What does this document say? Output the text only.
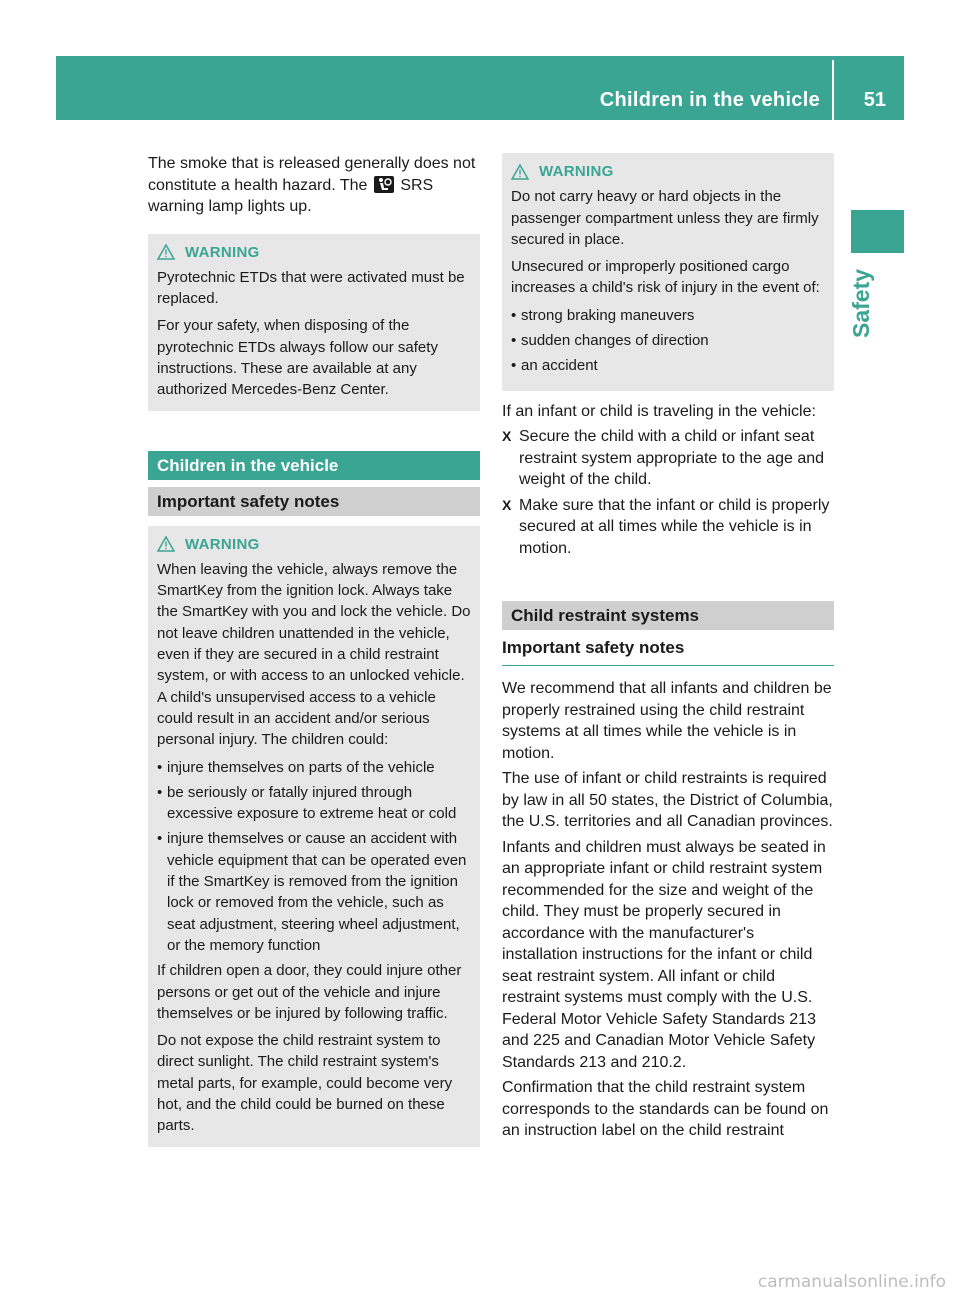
Children in the vehicle 51
Safety

The smoke that is released generally does not

constitute a health hazard. The SRS

warning lamp lights up.

WARNING

Pyrotechnic ETDs that were activated must be replaced.

For your safety, when disposing of the pyrotechnic ETDs always follow our safety instructions. These are available at any authorized Mercedes-Benz Center.

Children in the vehicle
Important safety notes
WARNING

When leaving the vehicle, always remove the SmartKey from the ignition lock. Always take the SmartKey with you and lock the vehicle. Do not leave children unattended in the vehicle, even if they are secured in a child restraint system, or with access to an unlocked vehicle. A child's unsupervised access to a vehicle could result in an accident and/or serious personal injury. The children could:

• injure themselves on parts of the vehicle
• be seriously or fatally injured through excessive exposure to extreme heat or cold
• injure themselves or cause an accident with vehicle equipment that can be operated even if the SmartKey is removed from the ignition lock or removed from the vehicle, such as seat adjustment, steering wheel adjustment, or the memory function

If children open a door, they could injure other persons or get out of the vehicle and injure themselves or be injured by following traffic.

Do not expose the child restraint system to direct sunlight. The child restraint system's metal parts, for example, could become very hot, and the child could be burned on these parts.

WARNING

Do not carry heavy or hard objects in the passenger compartment unless they are firmly secured in place.

Unsecured or improperly positioned cargo increases a child's risk of injury in the event of:

• strong braking maneuvers
• sudden changes of direction
• an accident

If an infant or child is traveling in the vehicle:

X Secure the child with a child or infant seat restraint system appropriate to the age and weight of the child.
X Make sure that the infant or child is properly secured at all times while the vehicle is in motion.
Child restraint systems
Important safety notes

We recommend that all infants and children be properly restrained using the child restraint systems at all times while the vehicle is in motion.

The use of infant or child restraints is required by law in all 50 states, the District of Columbia, the U.S. territories and all Canadian provinces.

Infants and children must always be seated in an appropriate infant or child restraint system recommended for the size and weight of the child. They must be properly secured in accordance with the manufacturer's installation instructions for the infant or child seat restraint system. All infant or child restraint systems must comply with the U.S. Federal Motor Vehicle Safety Standards 213 and 225 and Canadian Motor Vehicle Safety Standards 213 and 210.2.

Confirmation that the child restraint system corresponds to the standards can be found on an instruction label on the child restraint

carmanualsonline.info
